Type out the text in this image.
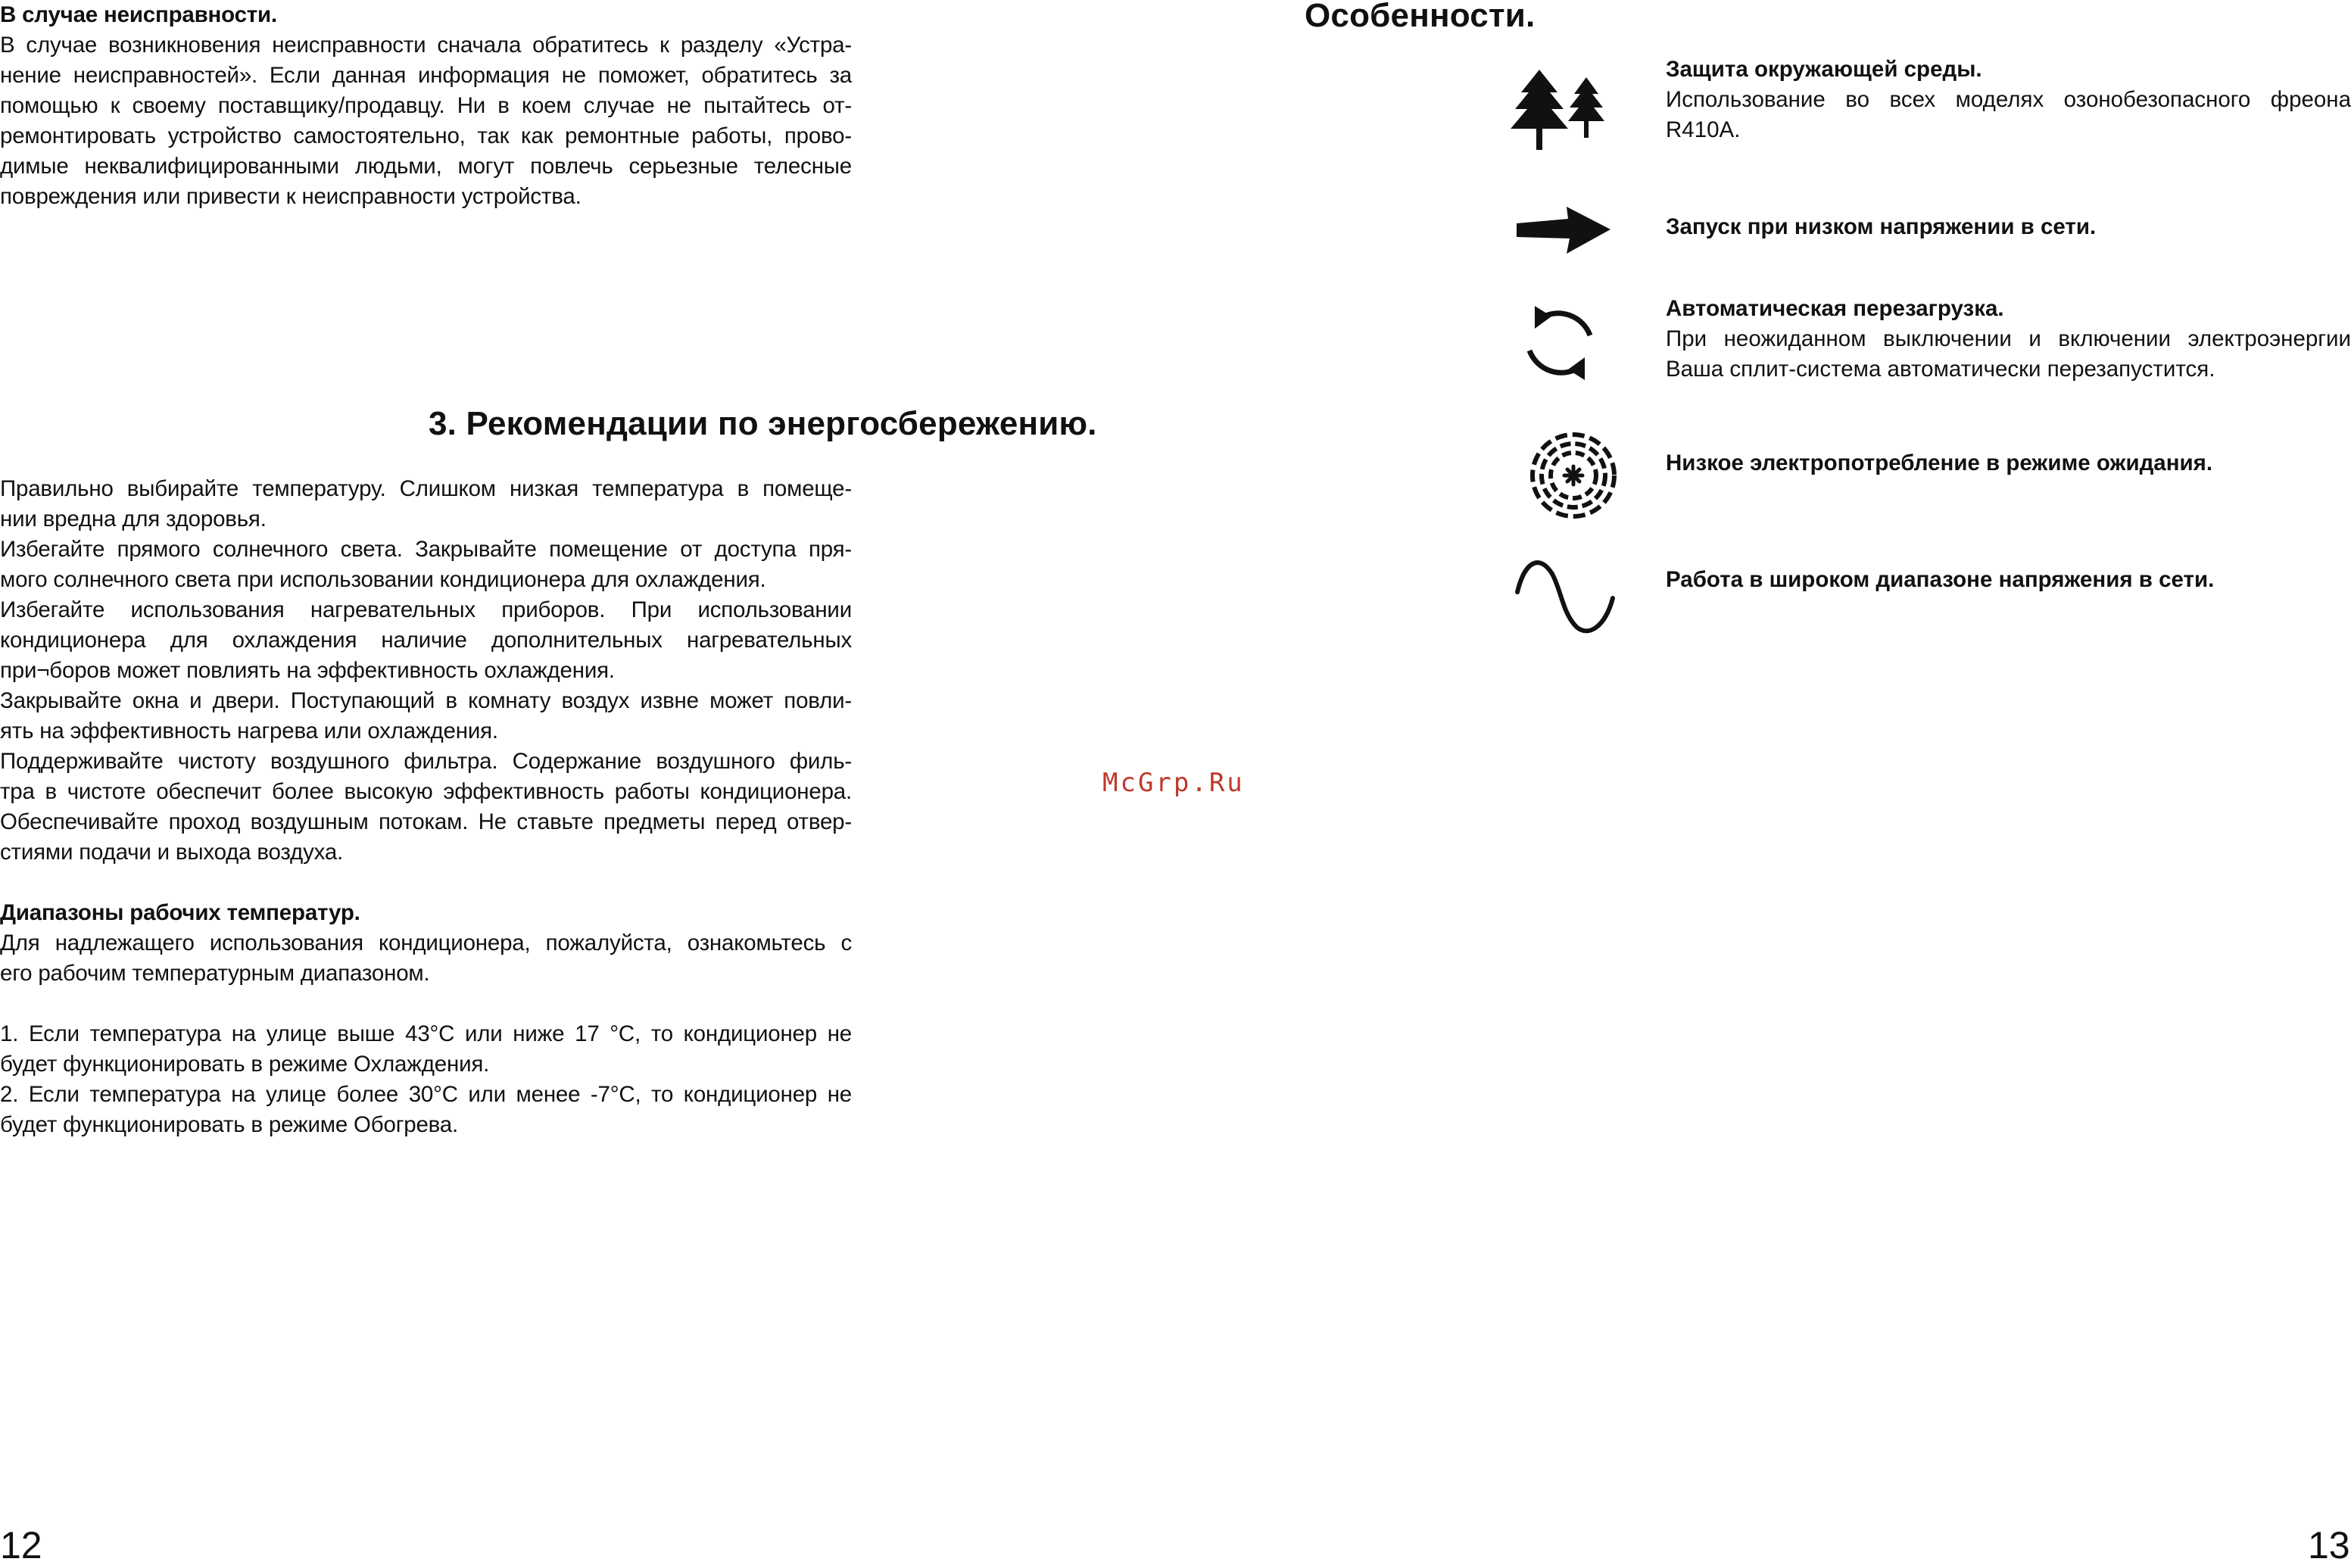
В случае неисправности.
В случае возникновения неисправности сначала обратитесь к разделу «Устра-
нение неисправностей». Если данная информация не поможет, обратитесь за
помощью к своему поставщику/продавцу. Ни в коем случае не пытайтесь от-
ремонтировать устройство самостоятельно, так как ремонтные работы, прово-
димые неквалифицированными людьми, могут повлечь серьезные телесные
повреждения или привести к неисправности устройства.
3. Рекомендации по энергосбережению.
Правильно выбирайте температуру. Слишком низкая температура в помеще-
нии вредна для здоровья.
Избегайте прямого солнечного света. Закрывайте помещение от доступа пря-
мого солнечного света при использовании кондиционера для охлаждения.
Избегайте использования нагревательных приборов. При использовании
кондиционера для охлаждения наличие дополнительных нагревательных
при¬боров может повлиять на эффективность охлаждения.
Закрывайте окна и двери. Поступающий в комнату воздух извне может повли-
ять на эффективность нагрева или охлаждения.
Поддерживайте чистоту воздушного фильтра. Содержание воздушного филь-
тра в чистоте обеспечит более высокую эффективность работы кондиционера.
Обеспечивайте проход воздушным потокам. Не ставьте предметы перед отвер-
стиями подачи и выхода воздуха.
Диапазоны рабочих температур.
Для надлежащего использования кондиционера, пожалуйста, ознакомьтесь с
его рабочим температурным диапазоном.
1. Если температура на улице выше 43°С или ниже 17 °С, то кондиционер не
будет функционировать в режиме Охлаждения.
2. Если температура на улице более 30°С или менее -7°С, то кондиционер не
будет функционировать в режиме Обогрева.
12
McGrp.Ru
Особенности.
Защита окружающей среды.
Использование во всех моделях озонобезопасного фреона
R410A.
Запуск при низком напряжении в сети.
Автоматическая перезагрузка.
При неожиданном выключении и включении электроэнергии
Ваша сплит-система автоматически перезапустится.
Низкое электропотребление в режиме ожидания.
Работа в широком диапазоне напряжения в сети.
13
